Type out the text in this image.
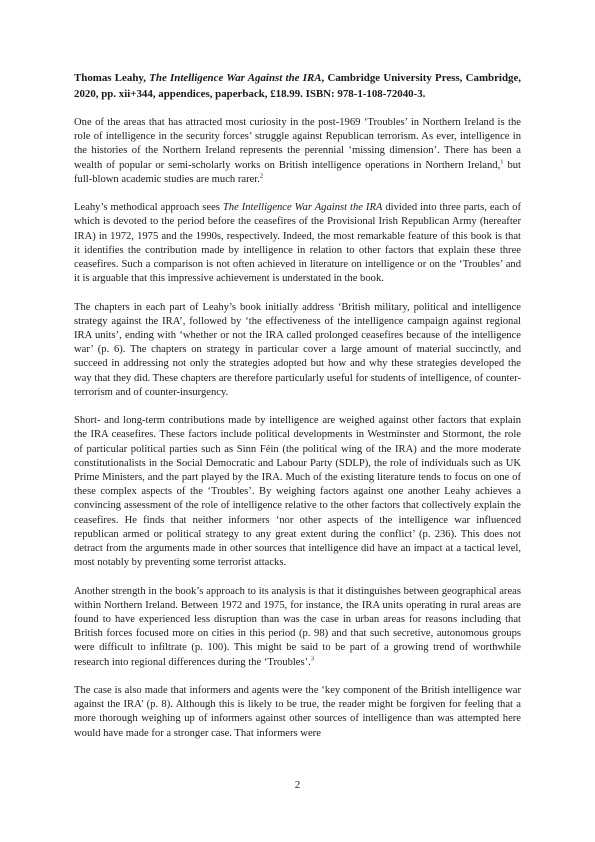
Thomas Leahy, The Intelligence War Against the IRA, Cambridge University Press, Cambridge, 2020, pp. xii+344, appendices, paperback, £18.99. ISBN: 978-1-108-72040-3.

One of the areas that has attracted most curiosity in the post-1969 ‘Troubles’ in Northern Ireland is the role of intelligence in the security forces’ struggle against Republican terrorism. As ever, intelligence in the histories of the Northern Ireland represents the perennial ‘missing dimension’. There has been a wealth of popular or semi-scholarly works on British intelligence operations in Northern Ireland,$^1$ but full-blown academic studies are much rarer.$^2$

Leahy’s methodical approach sees The Intelligence War Against the IRA divided into three parts, each of which is devoted to the period before the ceasefires of the Provisional Irish Republican Army (hereafter IRA) in 1972, 1975 and the 1990s, respectively. Indeed, the most remarkable feature of this book is that it identifies the contribution made by intelligence in relation to other factors that explain these three ceasefires. Such a comparison is not often achieved in literature on intelligence or on the ‘Troubles’ and it is arguable that this impressive achievement is understated in the book.

The chapters in each part of Leahy’s book initially address ‘British military, political and intelligence strategy against the IRA’, followed by ‘the effectiveness of the intelligence campaign against regional IRA units’, ending with ‘whether or not the IRA called prolonged ceasefires because of the intelligence war’ (p. 6). The chapters on strategy in particular cover a large amount of material succinctly, and succeed in addressing not only the strategies adopted but how and why these strategies developed the way that they did. These chapters are therefore particularly useful for students of intelligence, of counter-terrorism and of counter-insurgency.

Short- and long-term contributions made by intelligence are weighed against other factors that explain the IRA ceasefires. These factors include political developments in Westminster and Stormont, the role of particular political parties such as Sinn Féin (the political wing of the IRA) and the more moderate constitutionalists in the Social Democratic and Labour Party (SDLP), the role of individuals such as UK Prime Ministers, and the part played by the IRA. Much of the existing literature tends to focus on one of these complex aspects of the ‘Troubles’. By weighing factors against one another Leahy achieves a convincing assessment of the role of intelligence relative to the other factors that collectively explain the ceasefires. He finds that neither informers ‘nor other aspects of the intelligence war influenced republican armed or political strategy to any great extent during the conflict’ (p. 236). This does not detract from the arguments made in other sources that intelligence did have an impact at a tactical level, most notably by preventing some terrorist attacks.

Another strength in the book’s approach to its analysis is that it distinguishes between geographical areas within Northern Ireland. Between 1972 and 1975, for instance, the IRA units operating in rural areas are found to have experienced less disruption than was the case in urban areas for reasons including that British forces focused more on cities in this period (p. 98) and that such secretive, autonomous groups were difficult to infiltrate (p. 100). This might be said to be part of a growing trend of worthwhile research into regional differences during the ‘Troubles’.$^3$

The case is also made that informers and agents were the ‘key component of the British intelligence war against the IRA’ (p. 8). Although this is likely to be true, the reader might be forgiven for feeling that a more thorough weighing up of informers against other sources of intelligence than was attempted here would have made for a stronger case. That informers were

2
